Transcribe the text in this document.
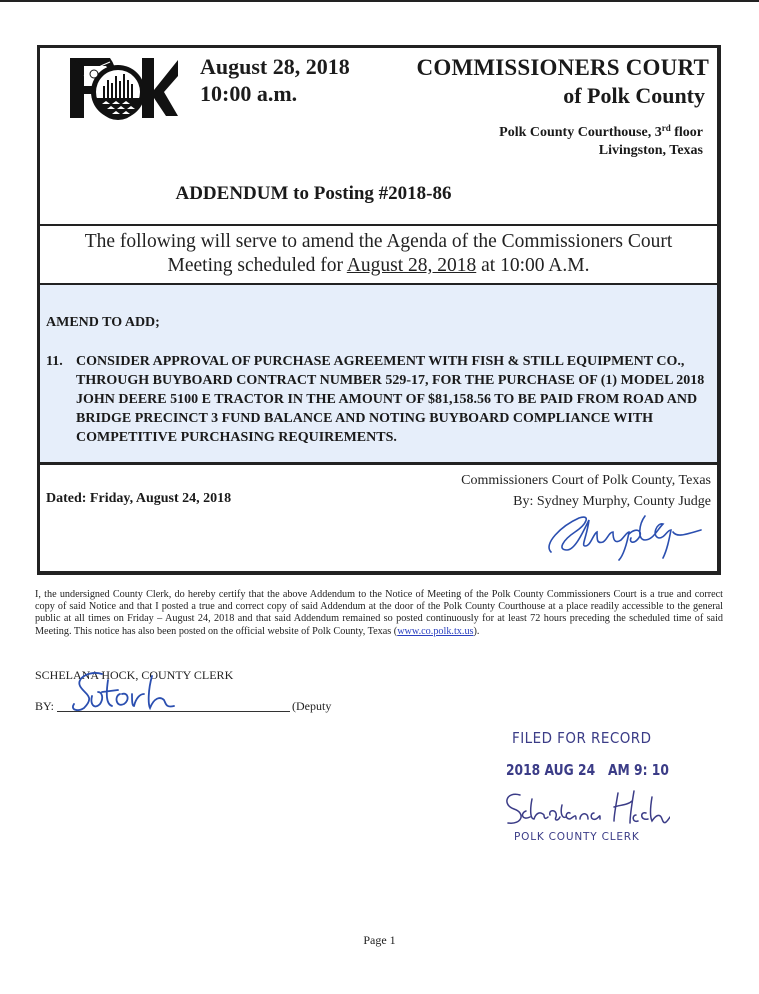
August 28, 2018
10:00 a.m.
COMMISSIONERS COURT
of Polk County
Polk County Courthouse, 3rd floor
Livingston, Texas
ADDENDUM to Posting #2018-86
The following will serve to amend the Agenda of the Commissioners Court
Meeting scheduled for August 28, 2018 at 10:00 A.M.
AMEND TO ADD;
11. CONSIDER APPROVAL OF PURCHASE AGREEMENT WITH FISH & STILL EQUIPMENT CO., THROUGH BUYBOARD CONTRACT NUMBER 529-17, FOR THE PURCHASE OF (1) MODEL 2018 JOHN DEERE 5100 E TRACTOR IN THE AMOUNT OF $81,158.56 TO BE PAID FROM ROAD AND BRIDGE PRECINCT 3 FUND BALANCE AND NOTING BUYBOARD COMPLIANCE WITH COMPETITIVE PURCHASING REQUIREMENTS.
Commissioners Court of Polk County, Texas
By: Sydney Murphy, County Judge
Dated: Friday, August 24, 2018
I, the undersigned County Clerk, do hereby certify that the above Addendum to the Notice of Meeting of the Polk County Commissioners Court is a true and correct copy of said Notice and that I posted a true and correct copy of said Addendum at the door of the Polk County Courthouse at a place readily accessible to the general public at all times on Friday – August 24, 2018 and that said Addendum remained so posted continuously for at least 72 hours preceding the scheduled time of said Meeting. This notice has also been posted on the official website of Polk County, Texas (www.co.polk.tx.us).
SCHELANA HOCK, COUNTY CLERK
BY:	(Deputy
FILED FOR RECORD
2018 AUG 24   AM 9: 10
POLK COUNTY CLERK
Page 1
